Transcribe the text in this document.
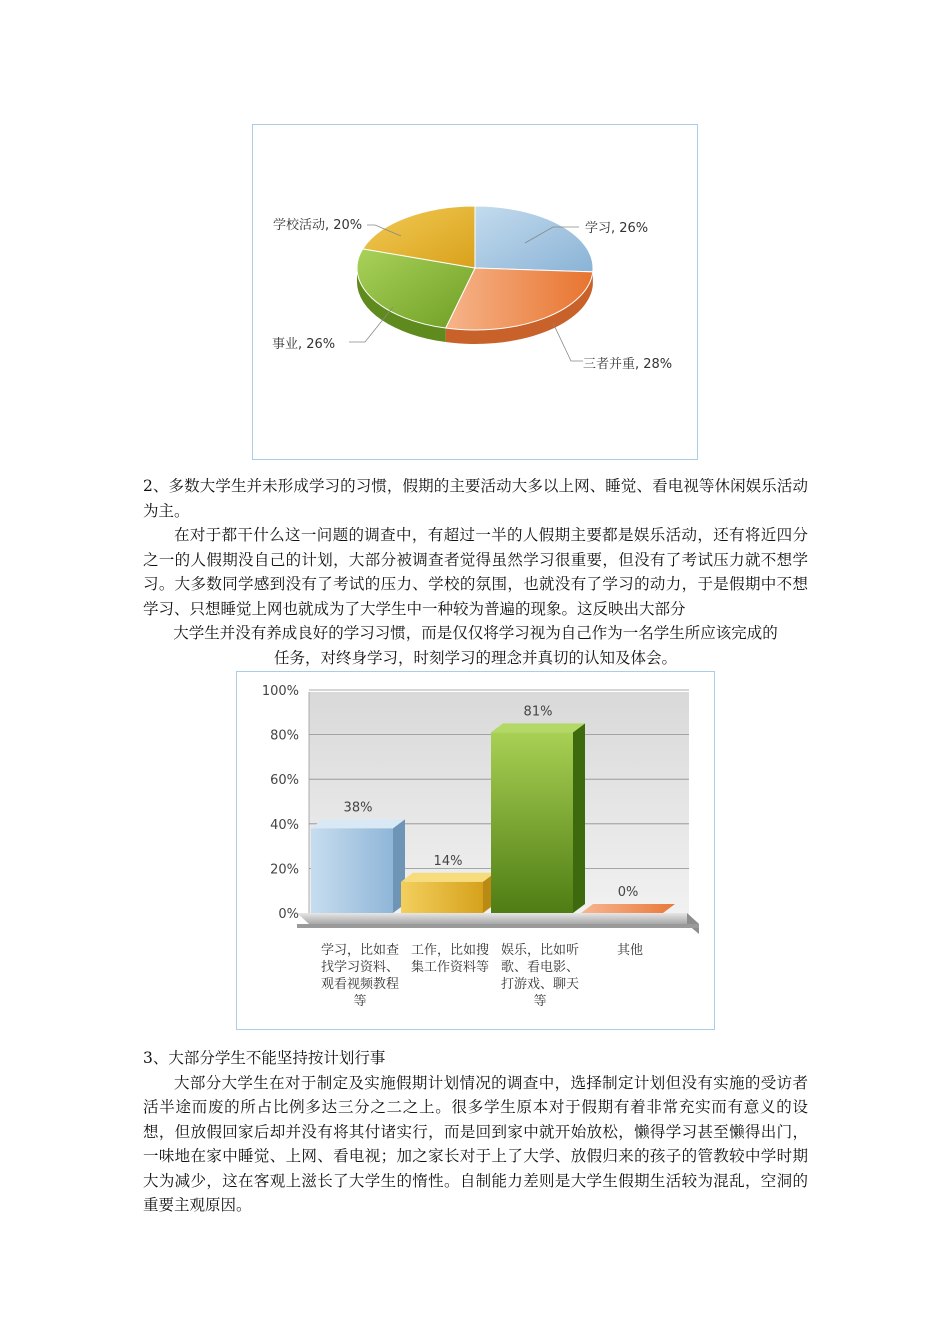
学习, 26%
三者并重, 28%
事业, 26%
学校活动, 20%

2、多数大学生并未形成学习的习惯，假期的主要活动大多以上网、睡觉、看电视等休闲娱乐活动为主。

在对于都干什么这一问题的调查中，有超过一半的人假期主要都是娱乐活动，还有将近四分之一的人假期没自己的计划，大部分被调查者觉得虽然学习很重要，但没有了考试压力就不想学习。大多数同学感到没有了考试的压力、学校的氛围，也就没有了学习的动力，于是假期中不想学习、只想睡觉上网也就成为了大学生中一种较为普遍的现象。这反映出大部分

大学生并没有养成良好的学习习惯，而是仅仅将学习视为自己作为一名学生所应该完成的

任务，对终身学习，时刻学习的理念并真切的认知及体会。

0%
20%
40%
60%
80%
100%
38%
学习，比如查找学习资料、观看视频教程等
14%
工作，比如搜集工作资料等
81%
娱乐，比如听歌、看电影、打游戏、聊天等
0%
其他

3、大部分学生不能坚持按计划行事

大部分大学生在对于制定及实施假期计划情况的调查中，选择制定计划但没有实施的受访者活半途而废的所占比例多达三分之二之上。很多学生原本对于假期有着非常充实而有意义的设想，但放假回家后却并没有将其付诸实行，而是回到家中就开始放松，懒得学习甚至懒得出门，一味地在家中睡觉、上网、看电视；加之家长对于上了大学、放假归来的孩子的管教较中学时期大为减少，这在客观上滋长了大学生的惰性。自制能力差则是大学生假期生活较为混乱，空洞的重要主观原因。
